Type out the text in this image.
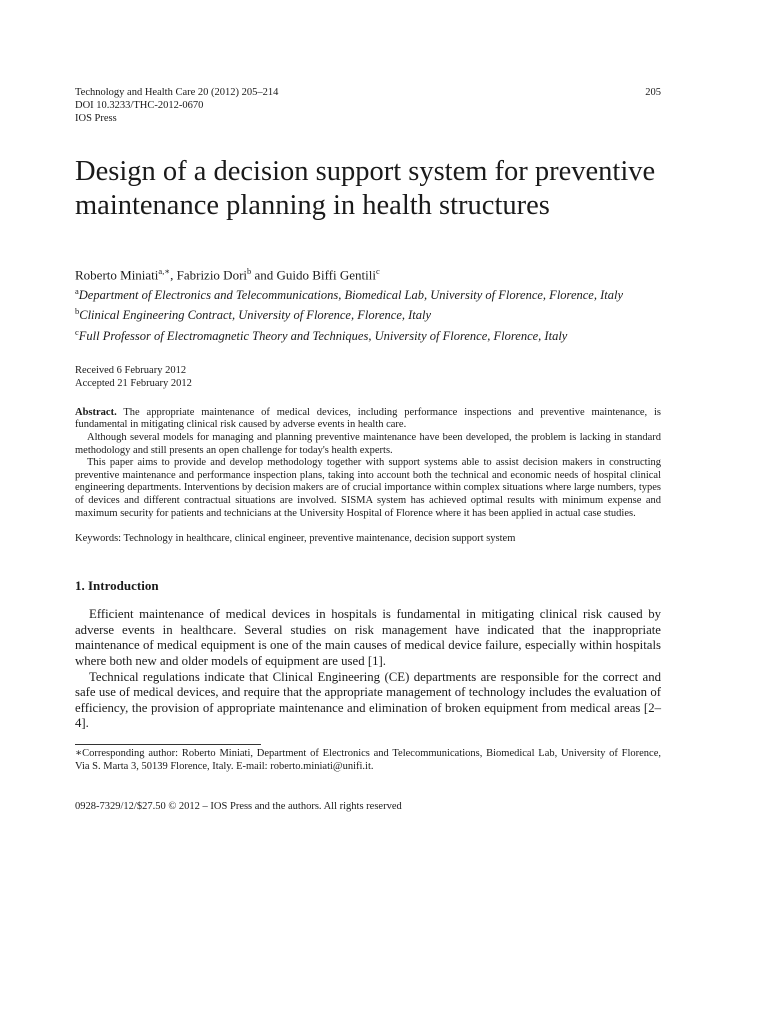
Technology and Health Care 20 (2012) 205–214
DOI 10.3233/THC-2012-0670
IOS Press
205
Design of a decision support system for preventive maintenance planning in health structures
Roberto Miniati$^{a,∗}$, Fabrizio Dori$^b$ and Guido Biffi Gentili$^c$
$^a$Department of Electronics and Telecommunications, Biomedical Lab, University of Florence, Florence, Italy
$^b$Clinical Engineering Contract, University of Florence, Florence, Italy
$^c$Full Professor of Electromagnetic Theory and Techniques, University of Florence, Florence, Italy
Received 6 February 2012
Accepted 21 February 2012

Abstract. The appropriate maintenance of medical devices, including performance inspections and preventive maintenance, is fundamental in mitigating clinical risk caused by adverse events in health care.

Although several models for managing and planning preventive maintenance have been developed, the problem is lacking in standard methodology and still presents an open challenge for today's health experts.

This paper aims to provide and develop methodology together with support systems able to assist decision makers in constructing preventive maintenance and performance inspection plans, taking into account both the technical and economic needs of hospital clinical engineering departments. Interventions by decision makers are of crucial importance within complex situations where large numbers, types of devices and different contractual situations are involved. SISMA system has achieved optimal results with minimum expense and maximum security for patients and technicians at the University Hospital of Florence where it has been applied in actual case studies.

Keywords: Technology in healthcare, clinical engineer, preventive maintenance, decision support system
1. Introduction

Efficient maintenance of medical devices in hospitals is fundamental in mitigating clinical risk caused by adverse events in healthcare. Several studies on risk management have indicated that the inappropriate maintenance of medical equipment is one of the main causes of medical device failure, especially within hospitals where both new and older models of equipment are used [1].

Technical regulations indicate that Clinical Engineering (CE) departments are responsible for the correct and safe use of medical devices, and require that the appropriate management of technology includes the evaluation of efficiency, the provision of appropriate maintenance and elimination of broken equipment from medical areas [2–4].

∗Corresponding author: Roberto Miniati, Department of Electronics and Telecommunications, Biomedical Lab, University of Florence, Via S. Marta 3, 50139 Florence, Italy. E-mail: roberto.miniati@unifi.it.
0928-7329/12/$27.50 © 2012 – IOS Press and the authors. All rights reserved
